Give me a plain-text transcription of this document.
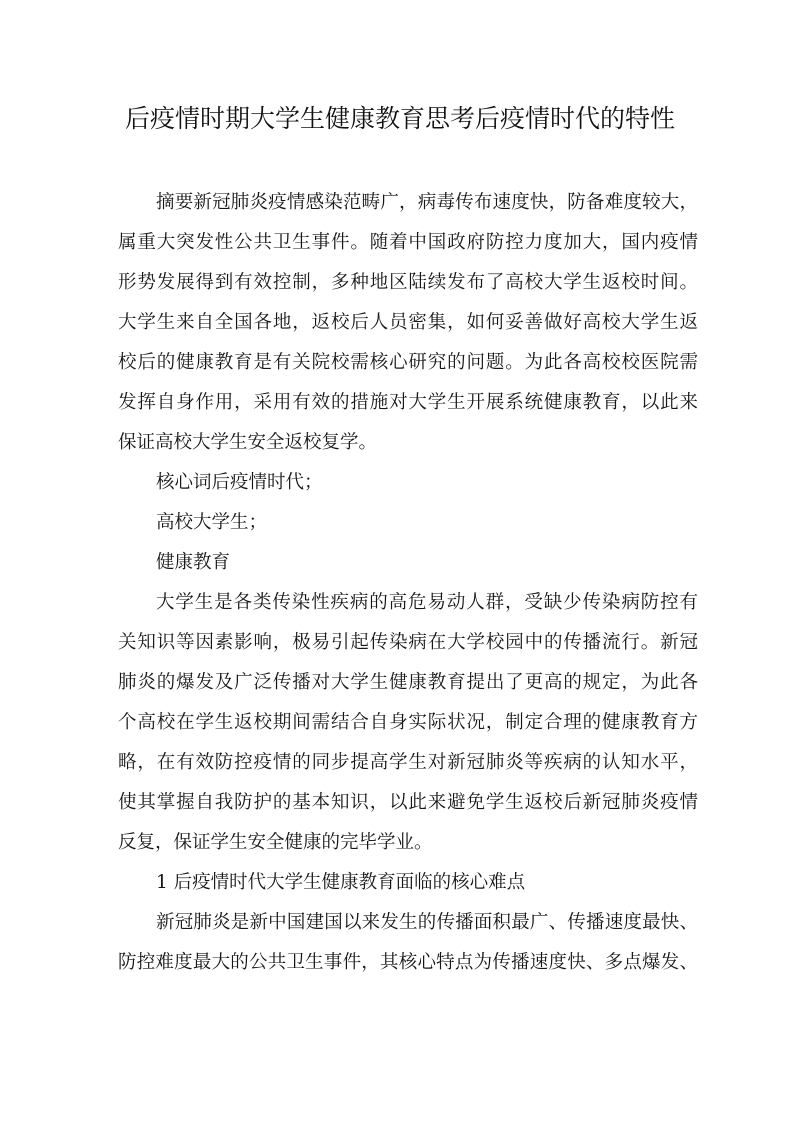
后疫情时期大学生健康教育思考后疫情时代的特性
摘要新冠肺炎疫情感染范畴广，病毒传布速度快，防备难度较大，
属重大突发性公共卫生事件。随着中国政府防控力度加大，国内疫情
形势发展得到有效控制，多种地区陆续发布了高校大学生返校时间。
大学生来自全国各地，返校后人员密集，如何妥善做好高校大学生返
校后的健康教育是有关院校需核心研究的问题。为此各高校校医院需
发挥自身作用，采用有效的措施对大学生开展系统健康教育，以此来
保证高校大学生安全返校复学。
核心词后疫情时代；
高校大学生；
健康教育
大学生是各类传染性疾病的高危易动人群，受缺少传染病防控有
关知识等因素影响，极易引起传染病在大学校园中的传播流行。新冠
肺炎的爆发及广泛传播对大学生健康教育提出了更高的规定，为此各
个高校在学生返校期间需结合自身实际状况，制定合理的健康教育方
略，在有效防控疫情的同步提高学生对新冠肺炎等疾病的认知水平，
使其掌握自我防护的基本知识，以此来避免学生返校后新冠肺炎疫情
反复，保证学生安全健康的完毕学业。
1 后疫情时代大学生健康教育面临的核心难点
新冠肺炎是新中国建国以来发生的传播面积最广、传播速度最快、
防控难度最大的公共卫生事件，其核心特点为传播速度快、多点爆发、
